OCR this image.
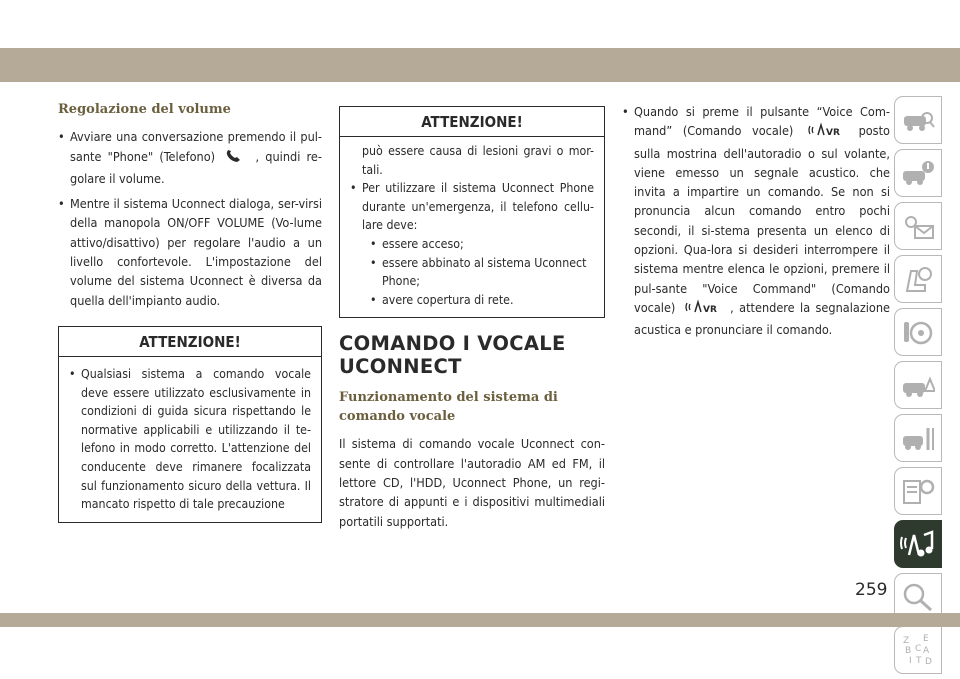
Regolazione del volume
• Avviare una conversazione premendo il pul-sante "Phone" (Telefono)	, quindi re-golare il volume.
• Mentre il sistema Uconnect dialoga, ser-virsi della manopola ON/OFF VOLUME (Vo-lume attivo/disattivo) per regolare l'audio a un livello confortevole. L'impostazione del volume del sistema Uconnect è diversa da quella dell'impianto audio.
ATTENZIONE!
• Qualsiasi sistema a comando vocale deve essere utilizzato esclusivamente in condizioni di guida sicura rispettando le normative applicabili e utilizzando il te-lefono in modo corretto. L'attenzione del conducente deve rimanere focalizzata sul funzionamento sicuro della vettura. Il mancato rispetto di tale precauzione
ATTENZIONE!
può essere causa di lesioni gravi o mor-tali.
• Per utilizzare il sistema Uconnect Phone durante un'emergenza, il telefono cellu-lare deve:
• essere acceso;
• essere abbinato al sistema Uconnect Phone;
• avere copertura di rete.
COMANDO I VOCALE UCONNECT
Funzionamento del sistema di comando vocale

Il sistema di comando vocale Uconnect con-sente di controllare l'autoradio AM ed FM, il lettore CD, l'HDD, Uconnect Phone, un regi-stratore di appunti e i dispositivi multimediali portatili supportati.

• Quando si preme il pulsante “Voice Com-mand” (Comando vocale)	VR posto sulla mostrina dell'autoradio o sul volante, viene emesso un segnale acustico. che invita a impartire un comando. Se non si pronuncia alcun comando entro pochi secondi, il si-stema presenta un elenco di opzioni. Qua-lora si desideri interrompere il sistema mentre elenca le opzioni, premere il pul-sante "Voice Command" (Comando vocale)	VR , attendere la segnalazione acustica e pronunciare il comando.
Z E
B A
C
I T D
259
